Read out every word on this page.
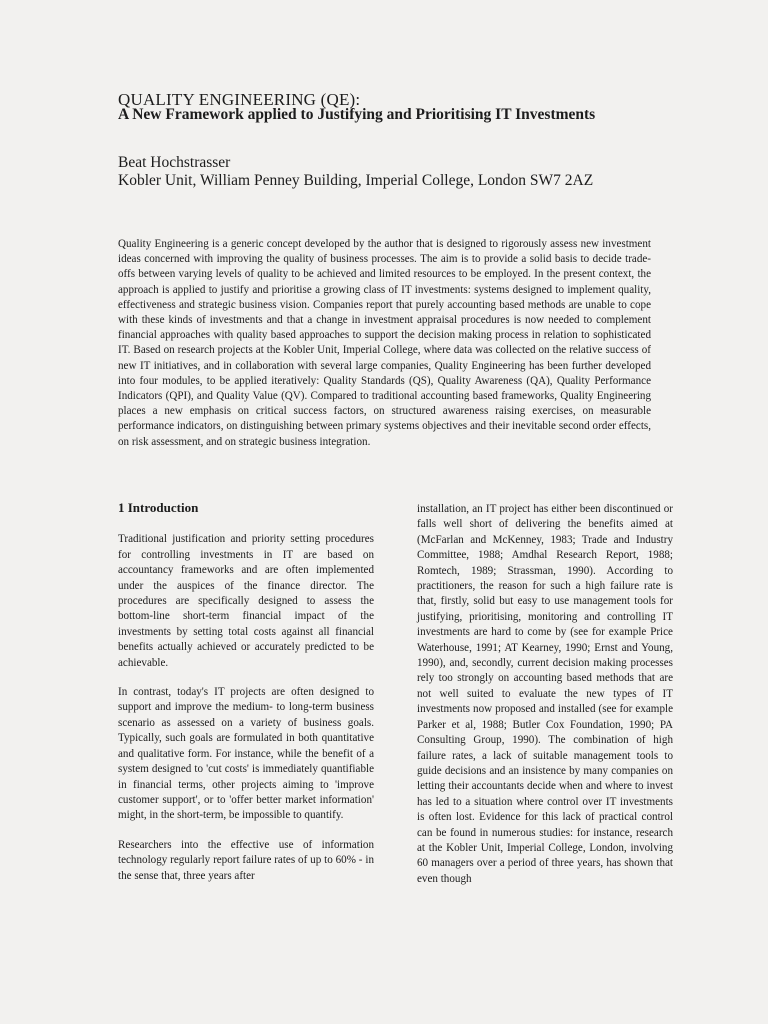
QUALITY ENGINEERING (QE):
A New Framework applied to Justifying and Prioritising IT Investments
Beat Hochstrasser
Kobler Unit, William Penney Building, Imperial College, London SW7 2AZ

Quality Engineering is a generic concept developed by the author that is designed to rigorously assess new investment ideas concerned with improving the quality of business processes. The aim is to provide a solid basis to decide trade-offs between varying levels of quality to be achieved and limited resources to be employed. In the present context, the approach is applied to justify and prioritise a growing class of IT investments: systems designed to implement quality, effectiveness and strategic business vision. Companies report that purely accounting based methods are unable to cope with these kinds of investments and that a change in investment appraisal procedures is now needed to complement financial approaches with quality based approaches to support the decision making process in relation to sophisticated IT. Based on research projects at the Kobler Unit, Imperial College, where data was collected on the relative success of new IT initiatives, and in collaboration with several large companies, Quality Engineering has been further developed into four modules, to be applied iteratively: Quality Standards (QS), Quality Awareness (QA), Quality Performance Indicators (QPI), and Quality Value (QV). Compared to traditional accounting based frameworks, Quality Engineering places a new emphasis on critical success factors, on structured awareness raising exercises, on measurable performance indicators, on distinguishing between primary systems objectives and their inevitable second order effects, on risk assessment, and on strategic business integration.

1 Introduction

Traditional justification and priority setting procedures for controlling investments in IT are based on accountancy frameworks and are often implemented under the auspices of the finance director. The procedures are specifically designed to assess the bottom-line short-term financial impact of the investments by setting total costs against all financial benefits actually achieved or accurately predicted to be achievable.

In contrast, today's IT projects are often designed to support and improve the medium- to long-term business scenario as assessed on a variety of business goals. Typically, such goals are formulated in both quantitative and qualitative form. For instance, while the benefit of a system designed to 'cut costs' is immediately quantifiable in financial terms, other projects aiming to 'improve customer support', or to 'offer better market information' might, in the short-term, be impossible to quantify.

Researchers into the effective use of information technology regularly report failure rates of up to 60% - in the sense that, three years after

installation, an IT project has either been discontinued or falls well short of delivering the benefits aimed at (McFarlan and McKenney, 1983; Trade and Industry Committee, 1988; Amdhal Research Report, 1988; Romtech, 1989; Strassman, 1990). According to practitioners, the reason for such a high failure rate is that, firstly, solid but easy to use management tools for justifying, prioritising, monitoring and controlling IT investments are hard to come by (see for example Price Waterhouse, 1991; AT Kearney, 1990; Ernst and Young, 1990), and, secondly, current decision making processes rely too strongly on accounting based methods that are not well suited to evaluate the new types of IT investments now proposed and installed (see for example Parker et al, 1988; Butler Cox Foundation, 1990; PA Consulting Group, 1990). The combination of high failure rates, a lack of suitable management tools to guide decisions and an insistence by many companies on letting their accountants decide when and where to invest has led to a situation where control over IT investments is often lost. Evidence for this lack of practical control can be found in numerous studies: for instance, research at the Kobler Unit, Imperial College, London, involving 60 managers over a period of three years, has shown that even though
